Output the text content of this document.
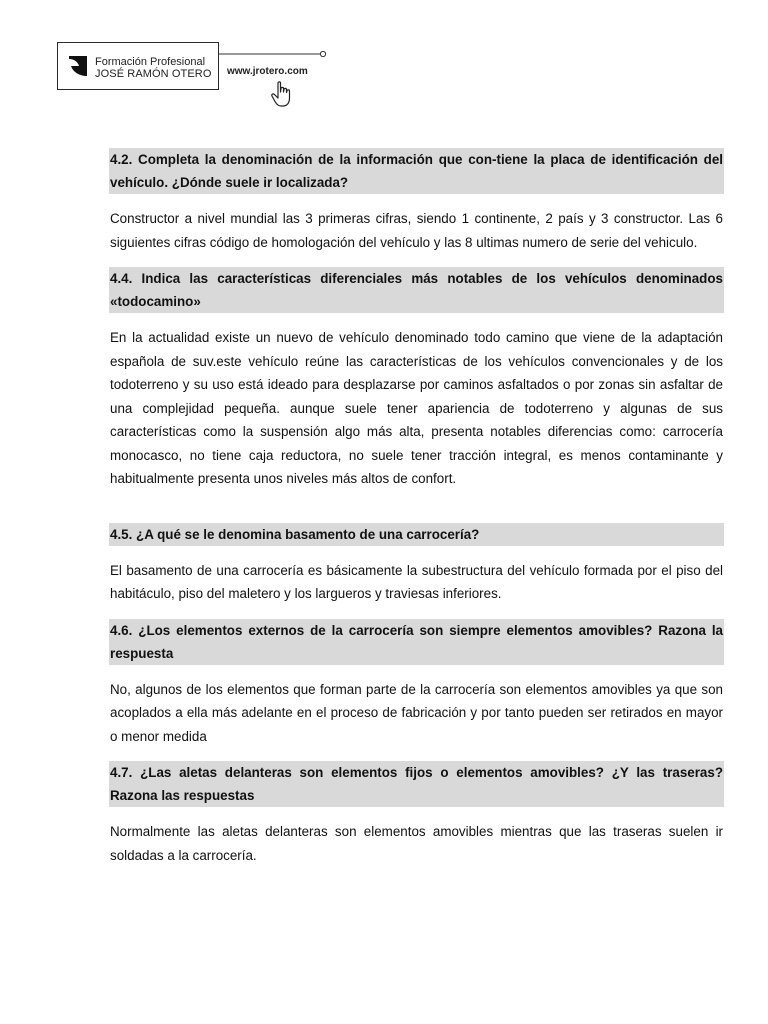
Formación Profesional
JOSÉ RAMÓN OTERO www.jrotero.com

4.2. Completa la denominación de la información que con-tiene la placa de identificación del vehículo. ¿Dónde suele ir localizada?

Constructor a nivel mundial las 3 primeras cifras, siendo 1 continente, 2 país y 3 constructor. Las 6 siguientes cifras código de homologación del vehículo y las 8 ultimas numero de serie del vehiculo.

4.4. Indica las características diferenciales más notables de los vehículos denominados «todocamino»

En la actualidad existe un nuevo de vehículo denominado todo camino que viene de la adaptación española de suv.este vehículo reúne las características de los vehículos convencionales y de los todoterreno y su uso está ideado para desplazarse por caminos asfaltados o por zonas sin asfaltar de una complejidad pequeña. aunque suele tener apariencia de todoterreno y algunas de sus características como la suspensión algo más alta, presenta notables diferencias como: carrocería monocasco, no tiene caja reductora, no suele tener tracción integral, es menos contaminante y habitualmente presenta unos niveles más altos de confort.

4.5. ¿A qué se le denomina basamento de una carrocería?

El basamento de una carrocería es básicamente la subestructura del vehículo formada por el piso del habitáculo, piso del maletero y los largueros y traviesas inferiores.

4.6. ¿Los elementos externos de la carrocería son siempre elementos amovibles? Razona la respuesta

No, algunos de los elementos que forman parte de la carrocería son elementos amovibles ya que son acoplados a ella más adelante en el proceso de fabricación y por tanto pueden ser retirados en mayor o menor medida

4.7. ¿Las aletas delanteras son elementos fijos o elementos amovibles? ¿Y las traseras? Razona las respuestas

Normalmente las aletas delanteras son elementos amovibles mientras que las traseras suelen ir soldadas a la carrocería.
